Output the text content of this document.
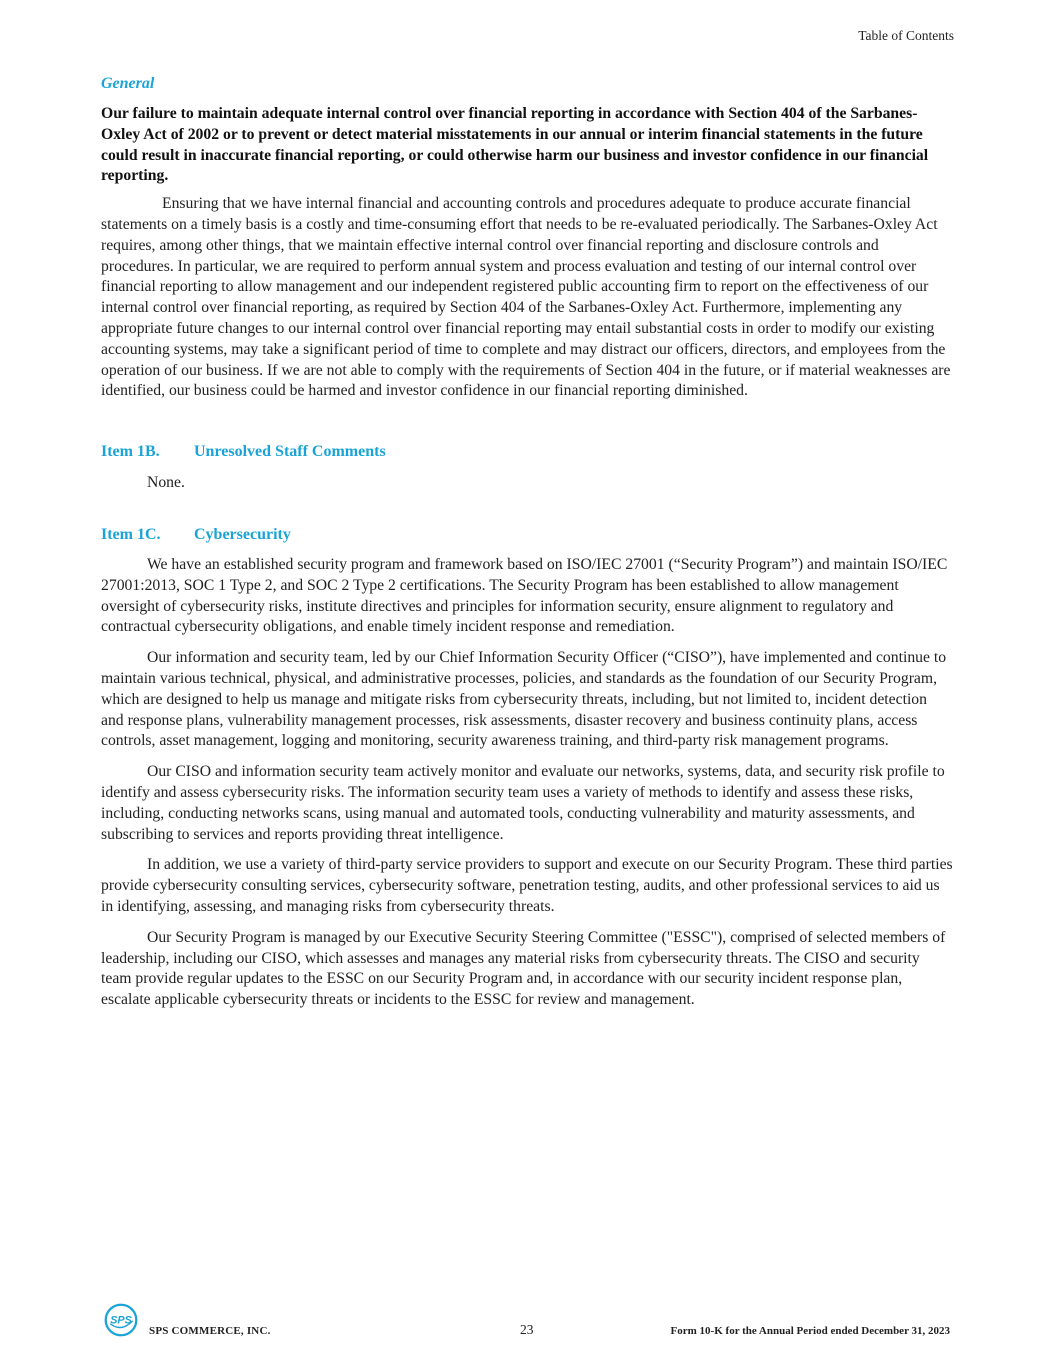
Table of Contents
General
Our failure to maintain adequate internal control over financial reporting in accordance with Section 404 of the Sarbanes-Oxley Act of 2002 or to prevent or detect material misstatements in our annual or interim financial statements in the future could result in inaccurate financial reporting, or could otherwise harm our business and investor confidence in our financial reporting.

Ensuring that we have internal financial and accounting controls and procedures adequate to produce accurate financial statements on a timely basis is a costly and time-consuming effort that needs to be re-evaluated periodically. The Sarbanes-Oxley Act requires, among other things, that we maintain effective internal control over financial reporting and disclosure controls and procedures. In particular, we are required to perform annual system and process evaluation and testing of our internal control over financial reporting to allow management and our independent registered public accounting firm to report on the effectiveness of our internal control over financial reporting, as required by Section 404 of the Sarbanes-Oxley Act. Furthermore, implementing any appropriate future changes to our internal control over financial reporting may entail substantial costs in order to modify our existing accounting systems, may take a significant period of time to complete and may distract our officers, directors, and employees from the operation of our business. If we are not able to comply with the requirements of Section 404 in the future, or if material weaknesses are identified, our business could be harmed and investor confidence in our financial reporting diminished.

Item 1B.	Unresolved Staff Comments
None.
Item 1C.	Cybersecurity

We have an established security program and framework based on ISO/IEC 27001 (“Security Program”) and maintain ISO/IEC 27001:2013, SOC 1 Type 2, and SOC 2 Type 2 certifications. The Security Program has been established to allow management oversight of cybersecurity risks, institute directives and principles for information security, ensure alignment to regulatory and contractual cybersecurity obligations, and enable timely incident response and remediation.

Our information and security team, led by our Chief Information Security Officer (“CISO”), have implemented and continue to maintain various technical, physical, and administrative processes, policies, and standards as the foundation of our Security Program, which are designed to help us manage and mitigate risks from cybersecurity threats, including, but not limited to, incident detection and response plans, vulnerability management processes, risk assessments, disaster recovery and business continuity plans, access controls, asset management, logging and monitoring, security awareness training, and third-party risk management programs.

Our CISO and information security team actively monitor and evaluate our networks, systems, data, and security risk profile to identify and assess cybersecurity risks. The information security team uses a variety of methods to identify and assess these risks, including, conducting networks scans, using manual and automated tools, conducting vulnerability and maturity assessments, and subscribing to services and reports providing threat intelligence.

In addition, we use a variety of third-party service providers to support and execute on our Security Program. These third parties provide cybersecurity consulting services, cybersecurity software, penetration testing, audits, and other professional services to aid us in identifying, assessing, and managing risks from cybersecurity threats.

Our Security Program is managed by our Executive Security Steering Committee ("ESSC"), comprised of selected members of leadership, including our CISO, which assesses and manages any material risks from cybersecurity threats. The CISO and security team provide regular updates to the ESSC on our Security Program and, in accordance with our security incident response plan, escalate applicable cybersecurity threats or incidents to the ESSC for review and management.

SPS
SPS COMMERCE, INC.	23	Form 10-K for the Annual Period ended December 31, 2023
